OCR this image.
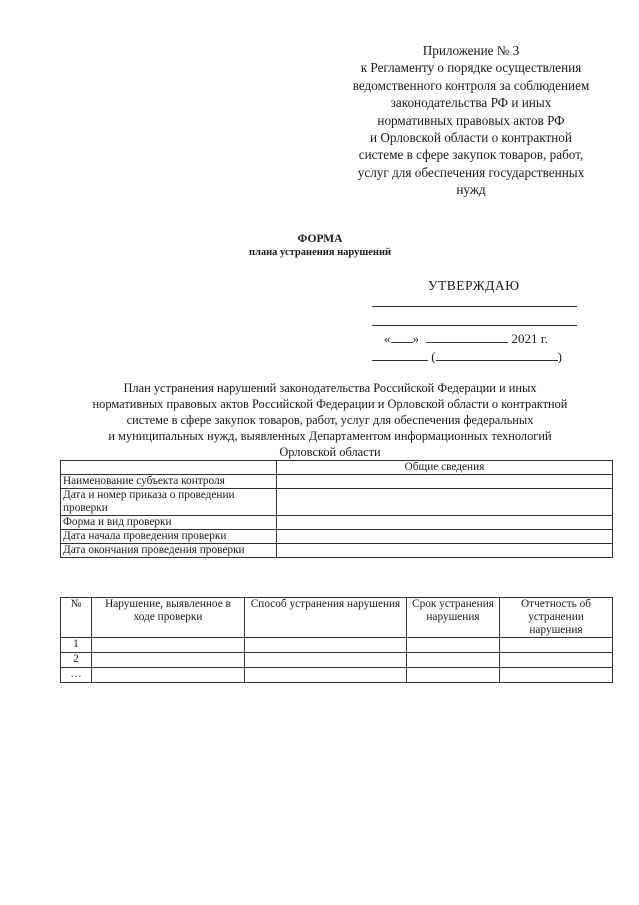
Приложение № 3
к Регламенту о порядке осуществления
ведомственного контроля за соблюдением
законодательства РФ и иных
нормативных правовых актов РФ
и Орловской области о контрактной
системе в сфере закупок товаров, работ,
услуг для обеспечения государственных
нужд
ФОРМА
плана устранения нарушений
УТВЕРЖДАЮ
« »	2021 г.
(	)
План устранения нарушений законодательства Российской Федерации и иных
нормативных правовых актов Российской Федерации и Орловской области о контрактной
системе в сфере закупок товаров, работ, услуг для обеспечения федеральных
и муниципальных нужд, выявленных Департаментом информационных технологий
Орловской области
	Общие сведения
Наименование субъекта контроля	
Дата и номер приказа о проведении проверки	
Форма и вид проверки	
Дата начала проведения проверки	
Дата окончания проведения проверки	
№	Нарушение, выявленное в ходе проверки	Способ устранения нарушения	Срок устранения нарушения	Отчетность об устранении нарушения
1				
2				
…				
